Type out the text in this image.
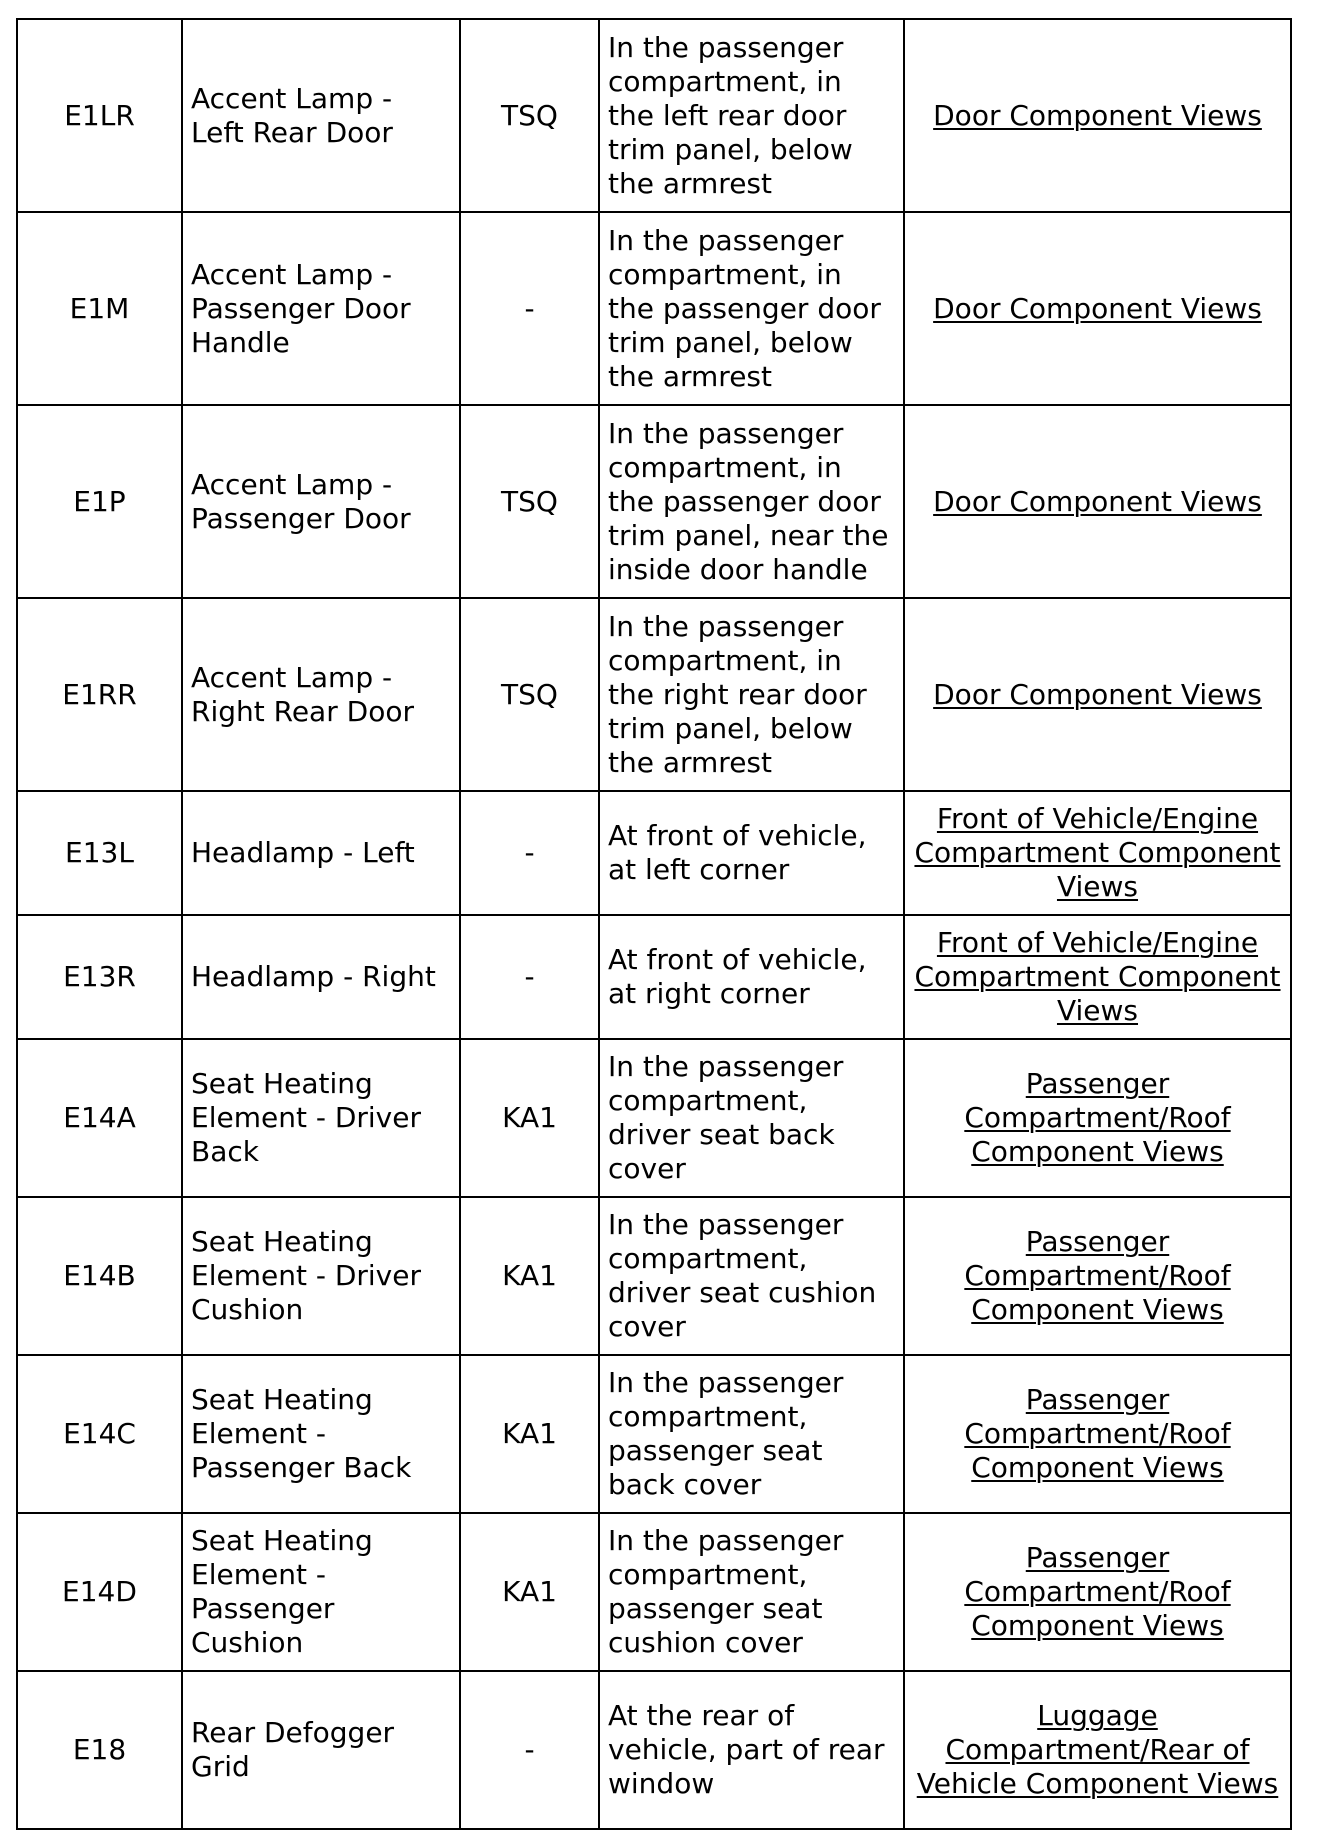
E1LR	Accent Lamp - Left Rear Door	TSQ	In the passenger compartment, in the left rear door trim panel, below the armrest	Door Component Views
E1M	Accent Lamp - Passenger Door Handle	-	In the passenger compartment, in the passenger door trim panel, below the armrest	Door Component Views
E1P	Accent Lamp - Passenger Door	TSQ	In the passenger compartment, in the passenger door trim panel, near the inside door handle	Door Component Views
E1RR	Accent Lamp - Right Rear Door	TSQ	In the passenger compartment, in the right rear door trim panel, below the armrest	Door Component Views
E13L	Headlamp - Left	-	At front of vehicle, at left corner	Front of Vehicle/Engine Compartment Component Views
E13R	Headlamp - Right	-	At front of vehicle, at right corner	Front of Vehicle/Engine Compartment Component Views
E14A	Seat Heating Element - Driver Back	KA1	In the passenger compartment, driver seat back cover	Passenger Compartment/Roof Component Views
E14B	Seat Heating Element - Driver Cushion	KA1	In the passenger compartment, driver seat cushion cover	Passenger Compartment/Roof Component Views
E14C	Seat Heating Element - Passenger Back	KA1	In the passenger compartment, passenger seat back cover	Passenger Compartment/Roof Component Views
E14D	Seat Heating Element - Passenger Cushion	KA1	In the passenger compartment, passenger seat cushion cover	Passenger Compartment/Roof Component Views
E18	Rear Defogger Grid	-	At the rear of vehicle, part of rear window	Luggage Compartment/Rear of Vehicle Component Views
